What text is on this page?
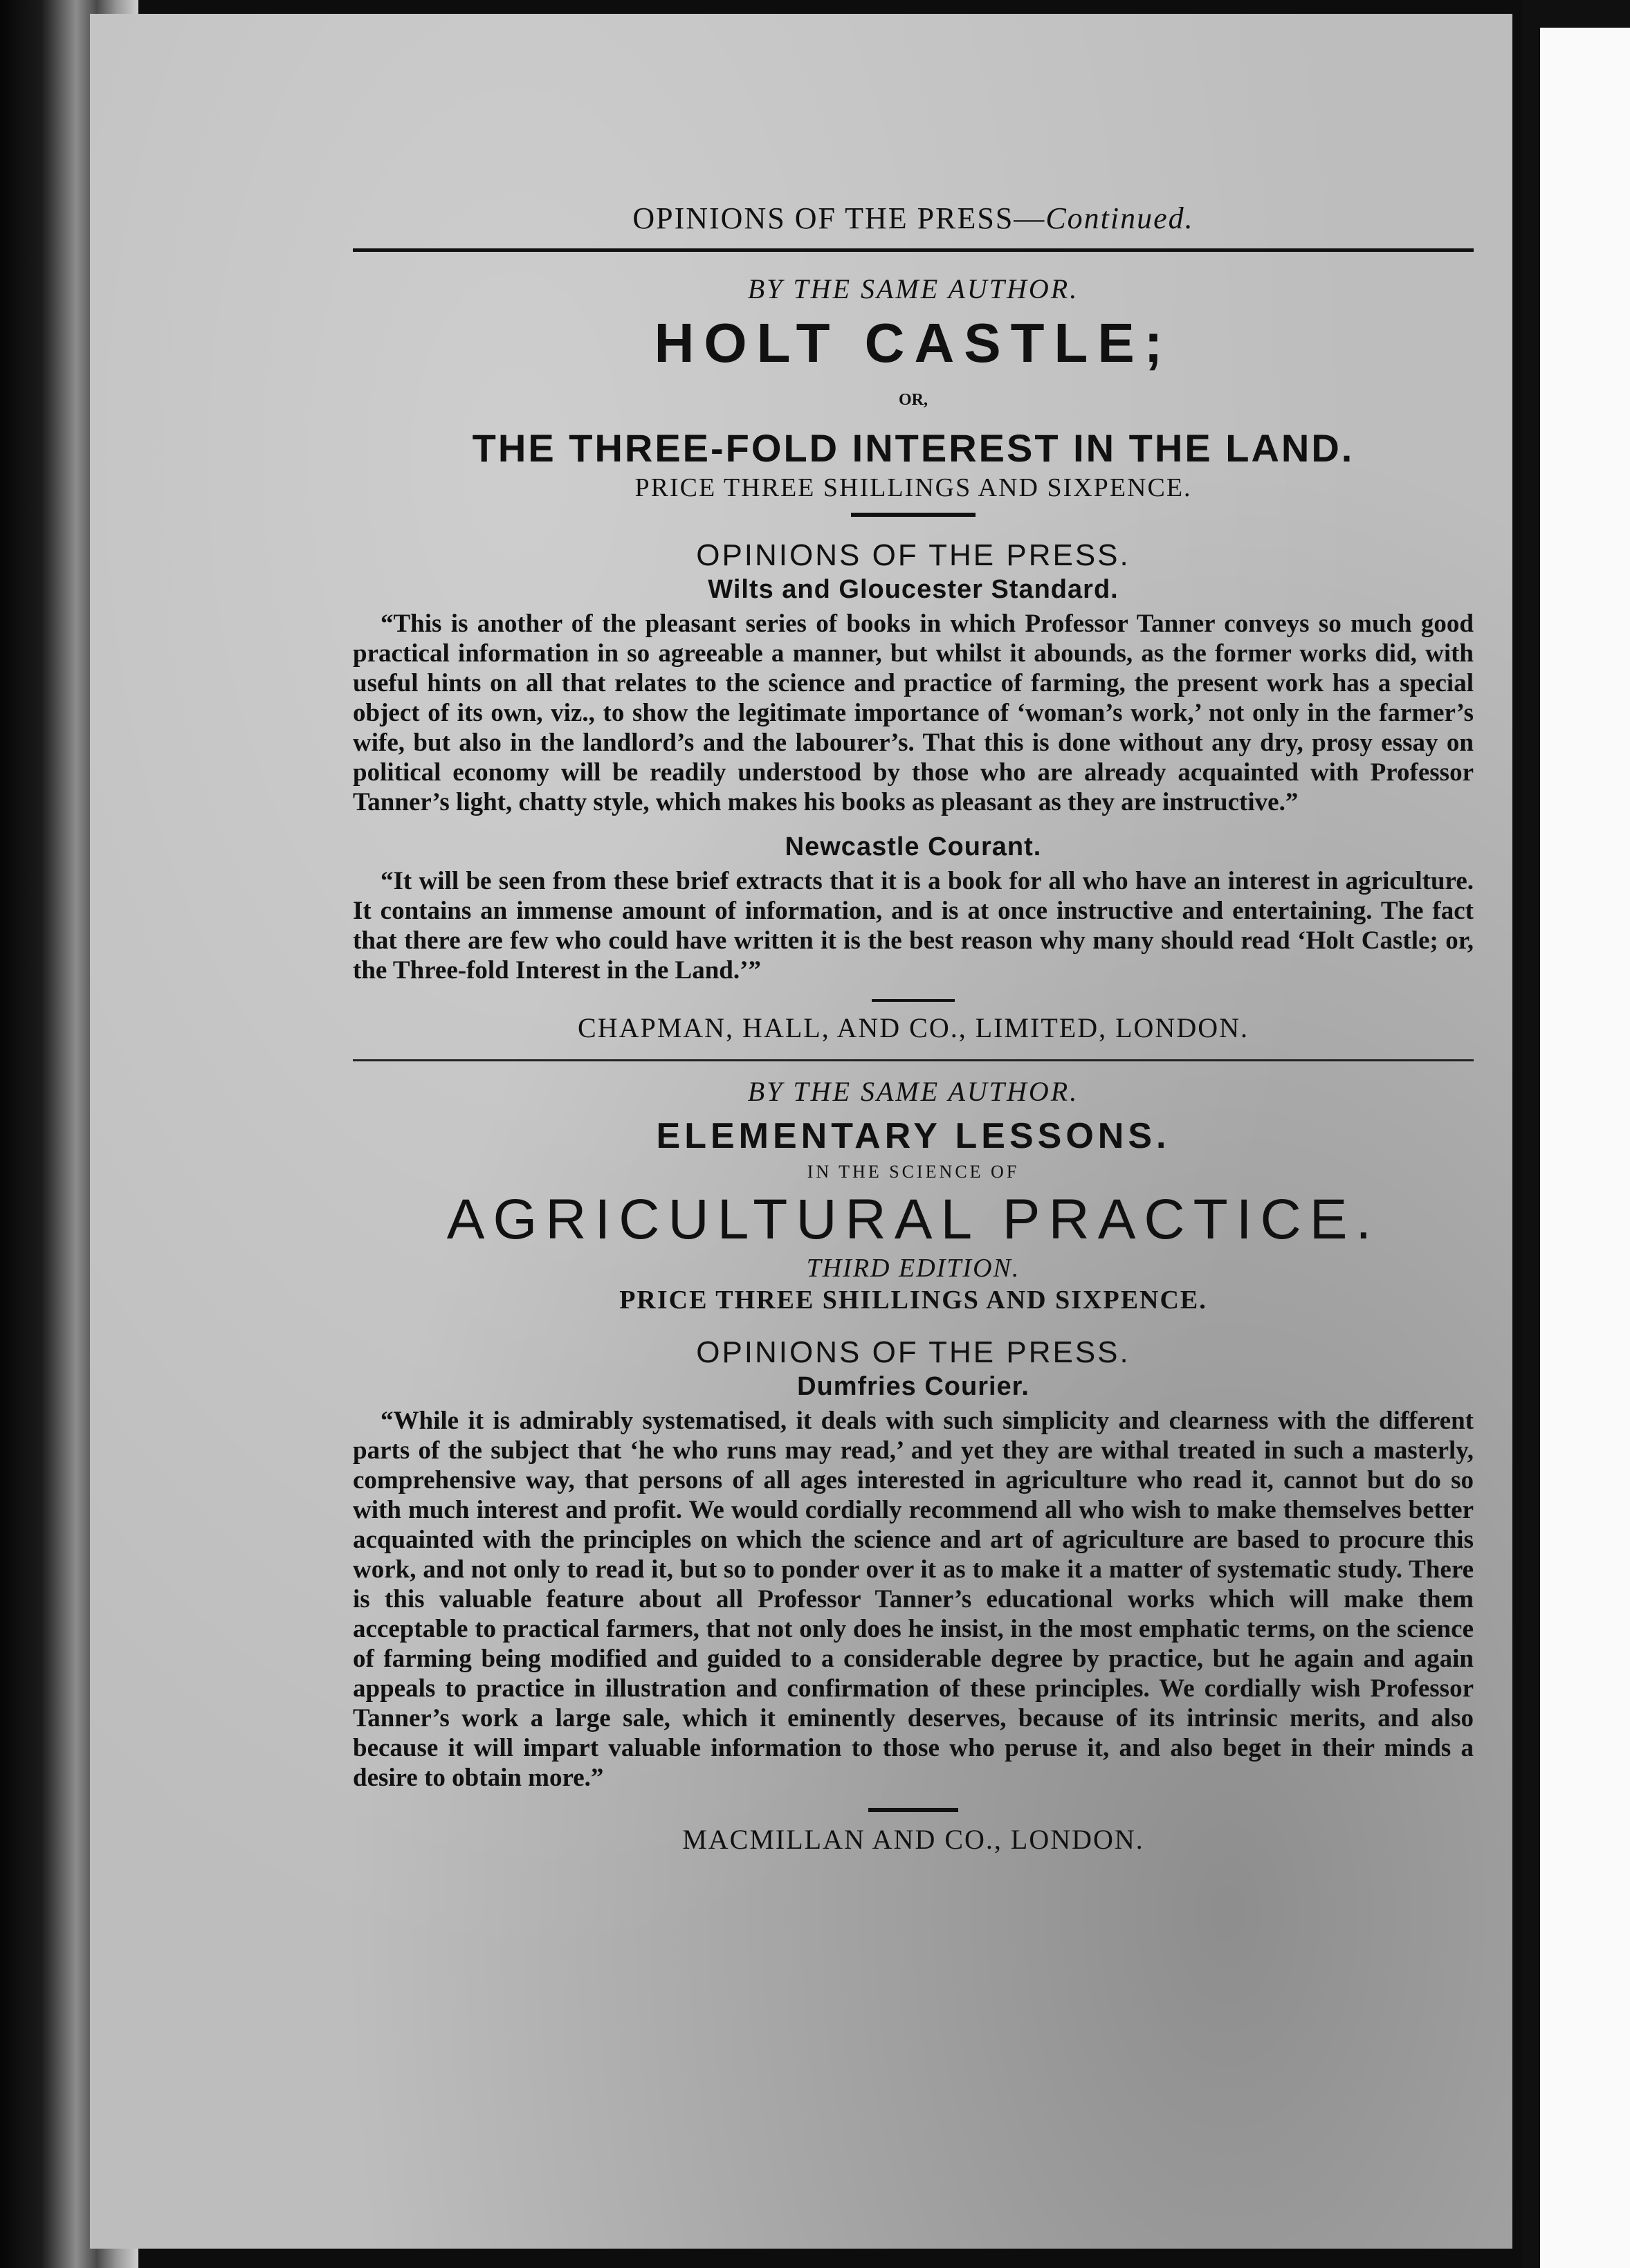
OPINIONS OF THE PRESS—Continued.

BY THE SAME AUTHOR.

HOLT CASTLE;

OR,

THE THREE-FOLD INTEREST IN THE LAND.

PRICE THREE SHILLINGS AND SIXPENCE.

OPINIONS OF THE PRESS.

Wilts and Gloucester Standard.

“This is another of the pleasant series of books in which Professor Tanner conveys so much good practical information in so agreeable a manner, but whilst it abounds, as the former works did, with useful hints on all that relates to the science and practice of farming, the present work has a special object of its own, viz., to show the legitimate importance of ‘woman’s work,’ not only in the farmer’s wife, but also in the landlord’s and the labourer’s. That this is done without any dry, prosy essay on political economy will be readily understood by those who are already acquainted with Professor Tanner’s light, chatty style, which makes his books as pleasant as they are instructive.”

Newcastle Courant.

“It will be seen from these brief extracts that it is a book for all who have an interest in agriculture. It contains an immense amount of information, and is at once instructive and entertaining. The fact that there are few who could have written it is the best reason why many should read ‘Holt Castle; or, the Three-fold Interest in the Land.’”

CHAPMAN, HALL, AND CO., LIMITED, LONDON.

BY THE SAME AUTHOR.

ELEMENTARY LESSONS.

IN THE SCIENCE OF

AGRICULTURAL PRACTICE.

THIRD EDITION.

PRICE THREE SHILLINGS AND SIXPENCE.

OPINIONS OF THE PRESS.

Dumfries Courier.

“While it is admirably systematised, it deals with such simplicity and clearness with the different parts of the subject that ‘he who runs may read,’ and yet they are withal treated in such a masterly, comprehensive way, that persons of all ages interested in agriculture who read it, cannot but do so with much interest and profit. We would cordially recommend all who wish to make themselves better acquainted with the principles on which the science and art of agriculture are based to procure this work, and not only to read it, but so to ponder over it as to make it a matter of systematic study. There is this valuable feature about all Professor Tanner’s educational works which will make them acceptable to practical farmers, that not only does he insist, in the most emphatic terms, on the science of farming being modified and guided to a considerable degree by practice, but he again and again appeals to practice in illustration and confirmation of these principles. We cordially wish Professor Tanner’s work a large sale, which it eminently deserves, because of its intrinsic merits, and also because it will impart valuable information to those who peruse it, and also beget in their minds a desire to obtain more.”

MACMILLAN AND CO., LONDON.
